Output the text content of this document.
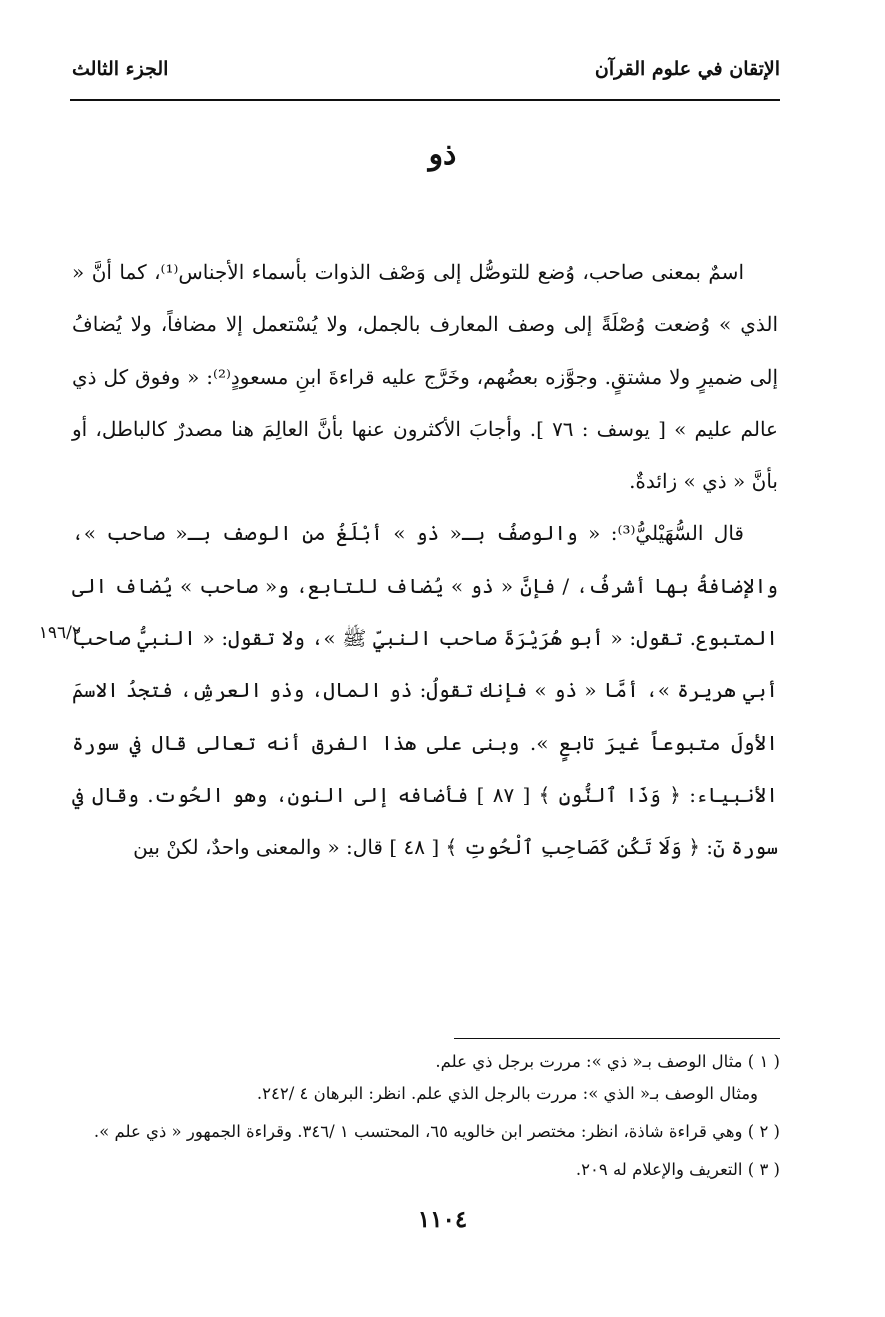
الإتقان في علوم القرآن
الجزء الثالث
ذو

اسمٌ بمعنى صاحب، وُضع للتوصُّل إلى وَصْف الذوات بأسماء الأجناس⁽¹⁾، كما أنَّ « الذي » وُضعت وُصْلَةً إلى وصف المعارف بالجمل، ولا يُسْتعمل إلا مضافاً، ولا يُضافُ إلى ضميرٍ ولا مشتقٍ. وجوَّزه بعضُهم، وخَرَّج عليه قراءةَ ابنِ مسعودٍ⁽²⁾: « وفوق كل ذي عالم عليم » [ يوسف : ٧٦ ]. وأجابَ الأكثرون عنها بأنَّ العالِمَ هنا مصدرٌ كالباطل، أو بأنَّ « ذي » زائدةٌ.

قال السُّهَيْليُّ⁽³⁾: « والوصفُ بـ« ذو » أبْلَغُ من الوصف بـ« صاحب »، والإضافةُ بها أشرفُ، / فإنَّ « ذو » يُضاف للتابع، و« صاحب » يُضاف الى المتبوع. تقول: « أبو هُرَيْرَةَ صاحب النبيِّ ﷺ »، ولا تقول: « النبيُّ صاحبُ أبي هريرة »، أمَّا « ذو » فإنك تقولُ: ذو المال، وذو العرشِ، فتجدُ الاسمَ الأولَ متبوعاً غيرَ تابعٍ ». وبنى على هذا الفرق أنه تعالى قال في سورة الأنبياء: ﴿ وَذَا ٱلنُّونِ ﴾ [ ٨٧ ] فأضافه إلى النون، وهو الحُوت. وقال في سورة نٓ: ﴿ وَلَا تَكُن كَصَاحِبِ ٱلْحُوتِ ﴾ [ ٤٨ ] قال: « والمعنى واحدٌ، لكنْ بين

١٩٦/٢

( ١ ) مثال الوصف بـ« ذي »: مررت برجل ذي علم.

ومثال الوصف بـ« الذي »: مررت بالرجل الذي علم. انظر: البرهان ٤ /٢٤٢.

( ٢ ) وهي قراءة شاذة، انظر: مختصر ابن خالويه ٦٥، المحتسب ١ /٣٤٦. وقراءة الجمهور « ذي علم ».

( ٣ ) التعريف والإعلام له ٢٠٩.

١١٠٤
